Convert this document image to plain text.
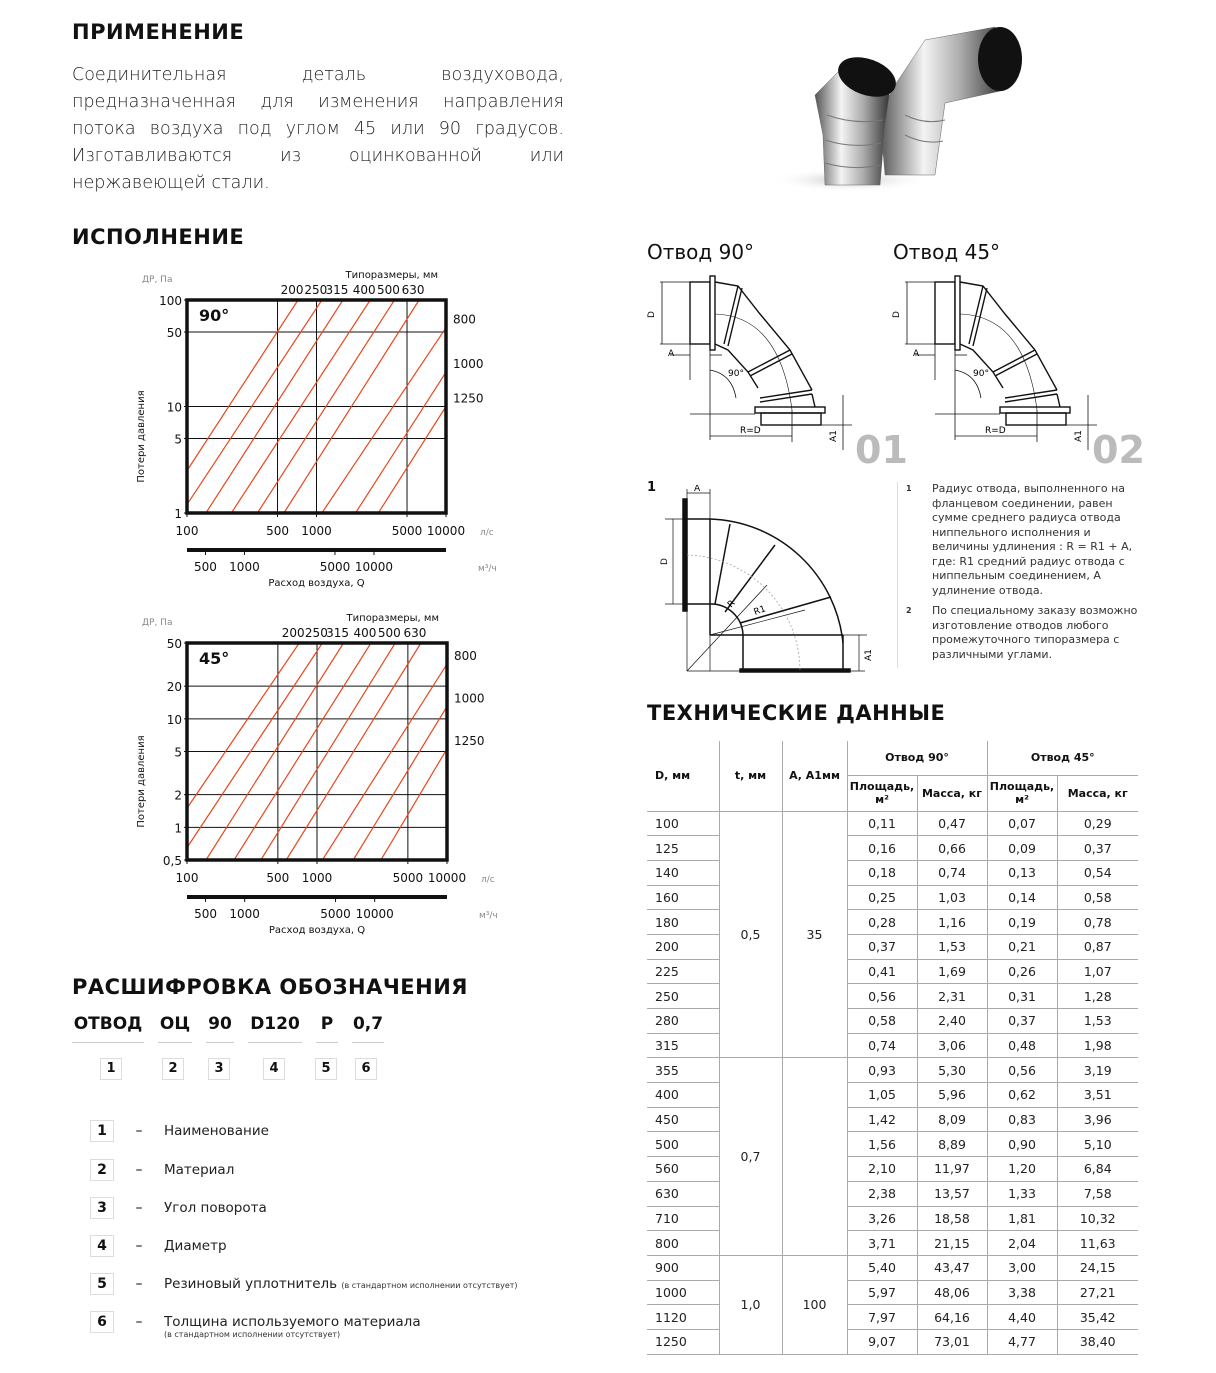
ПРИМЕНЕНИЕ
Соединительная деталь воздуховода, предназначенная для изменения направления потока воздуха под углом 45 или 90 градусов. Изготавливаются из оцинкованной или нержавеющей стали.
ИСПОЛНЕНИЕ
1
5
10
50
100
100	500 1000	5000 10000
500 1000	5000 10000
л/с
м³/ч
Расход воздуха, Q
Потери давления
ДР, Па	Типоразмеры, мм
200 250
315 400 500 630
800
1000
1250
90°
0,5
1
2
5
10
20
50
100	500 1000	5000 10000
500 1000	5000 10000
л/с
м³/ч
Расход воздуха, Q
Потери давления
ДР, Па	Типоразмеры, мм
200 250
315 400 500 630
800
1000
1250
45°
РАСШИФРОВКА ОБОЗНАЧЕНИЯ
ОТВОД ОЦ 90 D120 P 0,7
1	2	3	4	5	6
1	–	Наименование
2	–	Материал
3	–	Угол поворота
4	–	Диаметр
5	–	Резиновый уплотнитель (в стандартном исполнении отсутствует)
6	–	Толщина используемого материала
(в стандартном исполнении отсутствует)
Отвод 90°	Отвод 45°
D
A
90°
R=D	A1 01
D
A
90°
R=D	A1 02
1	A
D
R R1
A1
1	Радиус отвода, выполненного на фланцевом соединении, равен сумме среднего радиуса отвода ниппельного исполнения и величины удлинения : R = R1 + A, где: R1 средний радиус отвода с ниппельным соединением, A удлинение отвода.
2	По специальному заказу возможно изготовление отводов любого промежуточного типоразмера с различными углами.
ТЕХНИЧЕСКИЕ ДАННЫЕ
D, мм	t, мм	A, A1мм	Отвод 90°		Отвод 45°	
			Площадь, м²	Масса, кг	Площадь, м²	Масса, кг
100	0,5	35	0,11	0,47	0,07	0,29
125			0,16	0,66	0,09	0,37
140			0,18	0,74	0,13	0,54
160			0,25	1,03	0,14	0,58
180			0,28	1,16	0,19	0,78
200			0,37	1,53	0,21	0,87
225			0,41	1,69	0,26	1,07
250			0,56	2,31	0,31	1,28
280			0,58	2,40	0,37	1,53
315			0,74	3,06	0,48	1,98
355	0,7		0,93	5,30	0,56	3,19
400			1,05	5,96	0,62	3,51
450			1,42	8,09	0,83	3,96
500			1,56	8,89	0,90	5,10
560			2,10	11,97	1,20	6,84
630			2,38	13,57	1,33	7,58
710			3,26	18,58	1,81	10,32
800			3,71	21,15	2,04	11,63
900	1,0	100	5,40	43,47	3,00	24,15
1000			5,97	48,06	3,38	27,21
1120			7,97	64,16	4,40	35,42
1250			9,07	73,01	4,77	38,40
